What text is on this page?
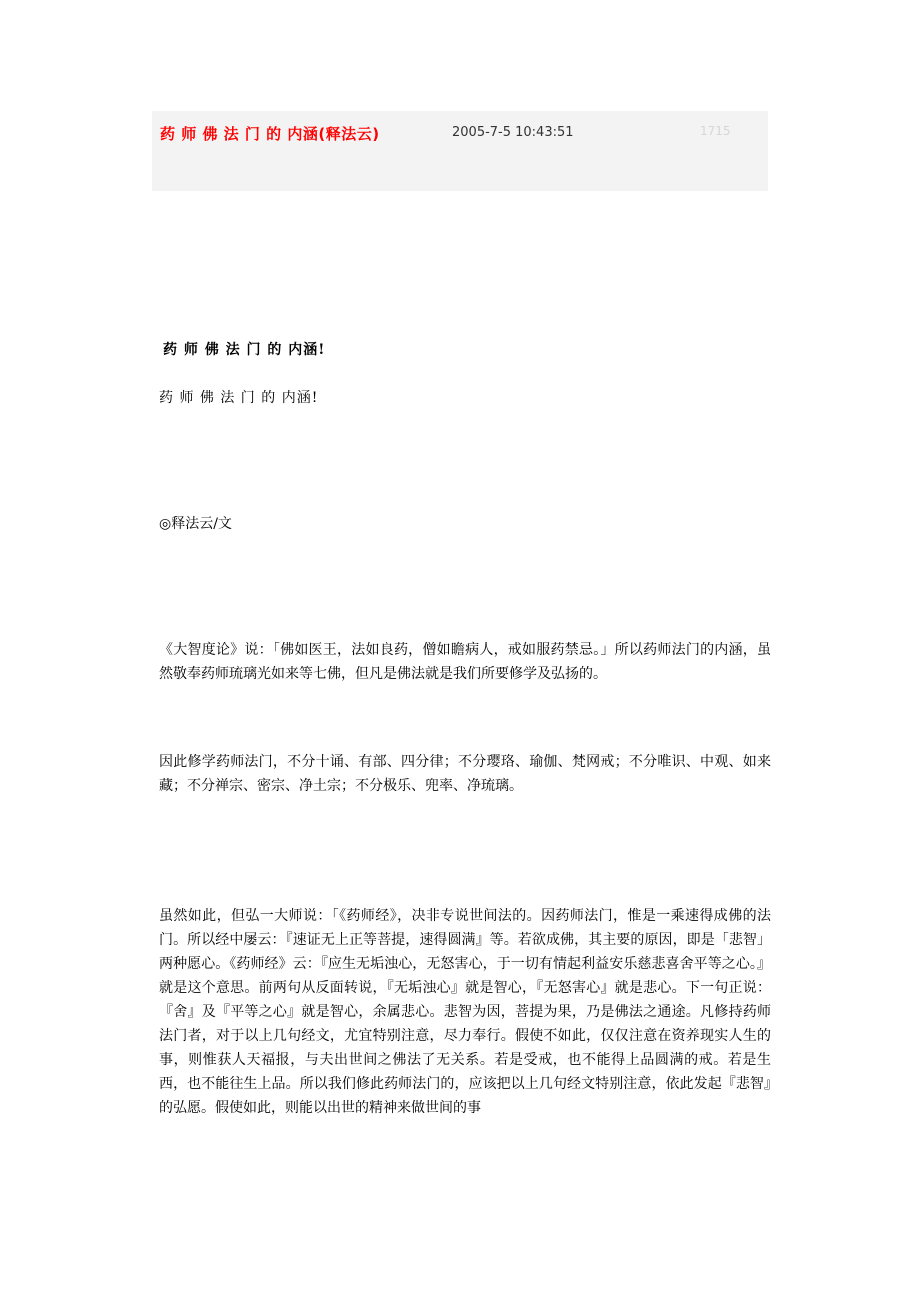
药 师 佛 法 门 的 内涵(释法云)	2005-7-5 10:43:51	1715
药 师 佛 法 门 的 内涵!
药 师 佛 法 门 的 内涵!
◎释法云/文

《大智度论》说：「佛如医王，法如良药，僧如瞻病人，戒如服药禁忌。」所以药师法门的内涵，虽然敬奉药师琉璃光如来等七佛，但凡是佛法就是我们所要修学及弘扬的。

因此修学药师法门，不分十诵、有部、四分律；不分璎珞、瑜伽、梵网戒；不分唯识、中观、如来藏；不分禅宗、密宗、净土宗；不分极乐、兜率、净琉璃。

虽然如此，但弘一大师说：「《药师经》，决非专说世间法的。因药师法门，惟是一乘速得成佛的法门。所以经中屡云：『速证无上正等菩提，速得圆满』等。若欲成佛，其主要的原因，即是「悲智」两种愿心。《药师经》云：『应生无垢浊心，无怒害心，于一切有情起利益安乐慈悲喜舍平等之心。』就是这个意思。前两句从反面转说，『无垢浊心』就是智心，『无怒害心』就是悲心。下一句正说：『舍』及『平等之心』就是智心，余属悲心。悲智为因，菩提为果，乃是佛法之通途。凡修持药师法门者，对于以上几句经文，尤宜特别注意，尽力奉行。假使不如此，仅仅注意在资养现实人生的事，则惟获人天福报，与夫出世间之佛法了无关系。若是受戒，也不能得上品圆满的戒。若是生西，也不能往生上品。所以我们修此药师法门的，应该把以上几句经文特别注意，依此发起『悲智』的弘愿。假使如此，则能以出世的精神来做世间的事
